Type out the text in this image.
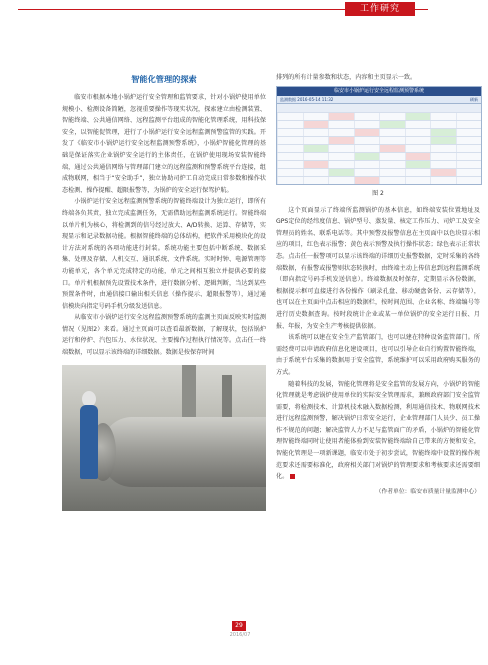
工作研究
智能化管理的探索

临安市根据本地小锅炉运行安全管理和监管要求，针对小锅炉使用单位规模小、检测设备简陋，忽视重要操作等现实状况，探索建立由检测装置、智能终端、公共通信网络、远程监测平台组成的智能化管理系统，用科技保安全，以智能促管理，进行了小锅炉运行安全远程监测预警监管的实践。开发了《临安市小锅炉运行安全远程监测预警系统》，小锅炉智能化管理的基础是保证落实企业锅炉安全运行的主体责任，在锅炉使用现场安装智能终端，通过公共通信网络与管理部门建立的远程监测和预警系统平台连接，组成物联网，相当于“安全助手”，独立协助司炉工自动完成日常参数和操作状态检测、操作提醒、超限报警等，为锅炉的安全运行保驾护航。

小锅炉运行安全远程监测预警系统的智能终端设计为独立运行，即所有终端各负其责，独立完成监测任务，无需借助远程监测系统运行。智能终端以单片机为核心，将检测到的信号经过放大、A/D转换、运算、存储等，实现显示和记录数据功能。根据智能终端的总体结构，把软件采用模块化的设计方法对系统的各项功能进行封装。系统功能主要包括中断系统、数据采集、处理及存储、人机交互、通讯系统、文件系统。实时时钟、电源管理等功能单元，各个单元完成特定的功能，单元之间相互独立并提供必要的接口。单片机根据预先设置技术条件，进行数据分析、逻辑判断，当达到某些预置条件时，由通信接口输出相关信息（操作提示、超限报警等），通过通信模块向指定号码手机分级发送信息。

从临安市小锅炉运行安全远程监测预警系统的监测主页面反映实时监测情况（见图2）来看。通过主页面可以查看最新数据，了解现状，包括锅炉运行和停炉、汽包压力、水位状况、主要操作过程执行情况等。点击任一终端数据，可以显示该终端的详细数据。数据是按保存时间

排列的所有计量参数和状态，内容和主页显示一致。

临安市小锅炉运行安全远程监测预警系统
监测数据 2016-05-14 11:32	刷新

图 2

这个页面显示了终端所监测锅炉的基本信息，如终端安装位置地址及GPS定位的经纬度信息、锅炉型号、蒸发量、核定工作压力、司炉工及安全管理员的姓名、联系电话等。其中预警及报警信息在主页面中以色块显示相应的项目，红色表示报警；黄色表示预警及执行操作状态；绿色表示正常状态。点击任一报警项可以显示该终端的详细历史报警数据，定时采集的各终端数据，有报警或报警则状态转换时，由终端主动上传信息到远程监测系统（即向指定号码手机发送信息）。终端数据及时保存，定期显示各份数据，根据提示框可直接进行各份操作（刷录孔盘、移动硬盘备份、云存储等），也可以在主页面中点击相应的数据栏，按时间范围、企业名称、终端编号等进行历史数据查询。按时段统计企业或某一单位锅炉的安全运行日报、月报、年报，为安全生产考核提供依据。

该系统可以建在安全生产监管部门，也可以建在特种设备监管部门。所需经费可以申请政府信息化建设项目，也可以引导企业自行购置智能终端，由于系统平台采集的数据用于安全监管，系统维护可以采用政府购买服务的方式。

随着科技的发展，智能化管理将是安全监管的发展方向，小锅炉的智能化管理就是考虑锅炉使用单位的实际安全管理需求，兼顾政府部门安全监管需要，将检测技术、计算机技术融入数据检测，利用通信技术、物联网技术进行远程监测预警，解决锅炉日常安全运行，企业管理部门人员少、员工操作不规范的问题；解决监管人力不足与监管面广的矛盾，小锅炉的智能化管理智能终端同时让使用者能体验到安装智能终端给自己带来的方便和安全，智能化管理是一项新课题，临安市处于初步尝试，智能终端中设置的操作规范要求还需要标准化，政府相关部门对锅炉的管理要求和考核要求还需要细化。

（作者单位：临安市质量计量监测中心）
29
2016/07
